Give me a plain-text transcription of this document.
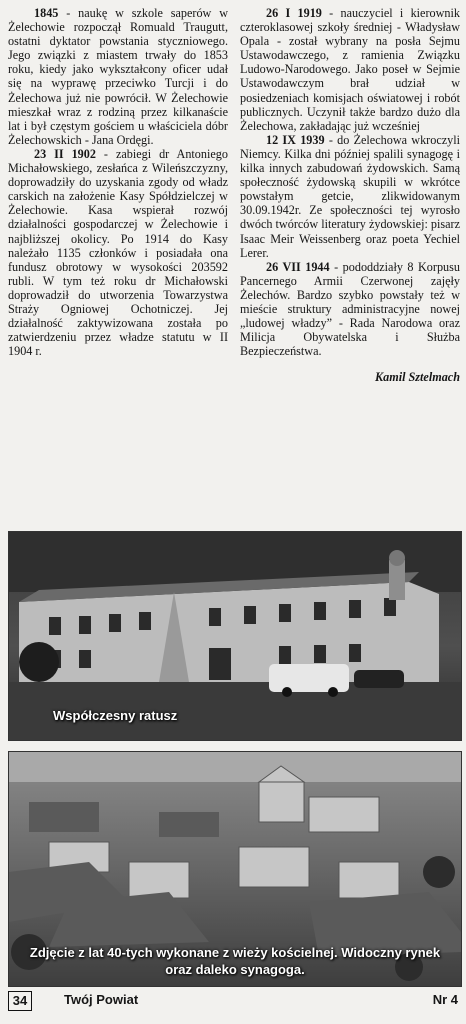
1845 - naukę w szkole saperów w Żelechowie rozpoczął Romuald Traugutt, ostatni dyktator powstania styczniowego. Jego związki z miastem trwały do 1853 roku, kiedy jako wykształcony oficer udał się na wyprawę przeciwko Turcji i do Żelechowa już nie powrócił. W Żelechowie mieszkał wraz z rodziną przez kilkanaście lat i był częstym gościem u właściciela dóbr Żelechowskich - Jana Ordęgi.

23 II 1902 - zabiegi dr Antoniego Michałowskiego, zesłańca z Wileńszczyzny, doprowadziły do uzyskania zgody od władz carskich na założenie Kasy Spółdzielczej w Żelechowie. Kasa wspierał rozwój działalności gospodarczej w Żelechowie i najbliższej okolicy. Po 1914 do Kasy należało 1135 członków i posiadała ona fundusz obrotowy w wysokości 203592 rubli. W tym też roku dr Michałowski doprowadził do utworzenia Towarzystwa Straży Ogniowej Ochotniczej. Jej działalność zaktywizowana została po zatwierdzeniu przez władze statutu w II 1904 r.

26 I 1919 - nauczyciel i kierownik czteroklasowej szkoły średniej - Władysław Opala - został wybrany na posła Sejmu Ustawodawczego, z ramienia Związku Ludowo-Narodowego. Jako poseł w Sejmie Ustawodawczym brał udział w posiedzeniach komisjach oświatowej i robót publicznych. Uczynił także bardzo dużo dla Żelechowa, zakładając już wcześniej

12 IX 1939 - do Żelechowa wkroczyli Niemcy. Kilka dni później spalili synagogę i kilka innych zabudowań żydowskich. Samą społeczność żydowską skupili w wkrótce powstałym getcie, zlikwidowanym 30.09.1942r. Ze społeczności tej wyrosło dwóch twórców literatury żydowskiej: pisarz Isaac Meir Weissenberg oraz poeta Yechiel Lerer.

26 VII 1944 - pododdziały 8 Korpusu Pancernego Armii Czerwonej zajęły Żelechów. Bardzo szybko powstały też w mieście struktury administracyjne nowej „ludowej władzy” - Rada Narodowa oraz Milicja Obywatelska i Służba Bezpieczeństwa.

Kamil Sztelmach
Współczesny ratusz
Zdjęcie z lat 40-tych wykonane z wieży kościelnej. Widoczny rynek oraz daleko synagoga.
34	Twój Powiat	Nr 4
